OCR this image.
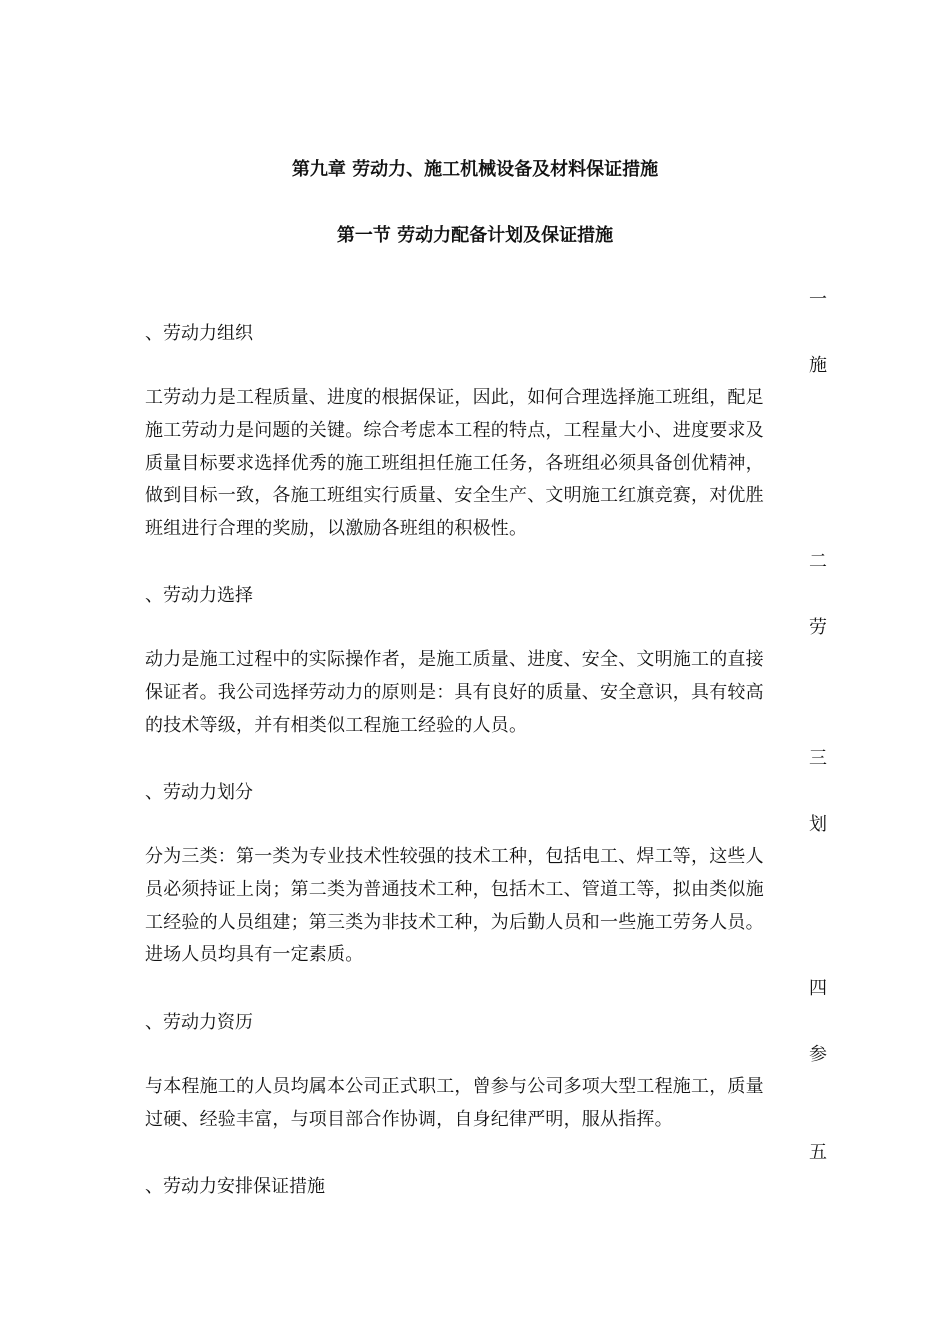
第九章 劳动力、施工机械设备及材料保证措施
第一节 劳动力配备计划及保证措施
一
、劳动力组织
施
工劳动力是工程质量、进度的根据保证，因此，如何合理选择施工班组，配足
施工劳动力是问题的关键。综合考虑本工程的特点，工程量大小、进度要求及
质量目标要求选择优秀的施工班组担任施工任务，各班组必须具备创优精神，
做到目标一致，各施工班组实行质量、安全生产、文明施工红旗竞赛，对优胜
班组进行合理的奖励，以激励各班组的积极性。
二
、劳动力选择
劳
动力是施工过程中的实际操作者，是施工质量、进度、安全、文明施工的直接
保证者。我公司选择劳动力的原则是：具有良好的质量、安全意识，具有较高
的技术等级，并有相类似工程施工经验的人员。
三
、劳动力划分
划
分为三类：第一类为专业技术性较强的技术工种，包括电工、焊工等，这些人
员必须持证上岗；第二类为普通技术工种，包括木工、管道工等，拟由类似施
工经验的人员组建；第三类为非技术工种，为后勤人员和一些施工劳务人员。
进场人员均具有一定素质。
四
、劳动力资历
参
与本程施工的人员均属本公司正式职工，曾参与公司多项大型工程施工，质量
过硬、经验丰富，与项目部合作协调，自身纪律严明，服从指挥。
五
、劳动力安排保证措施
